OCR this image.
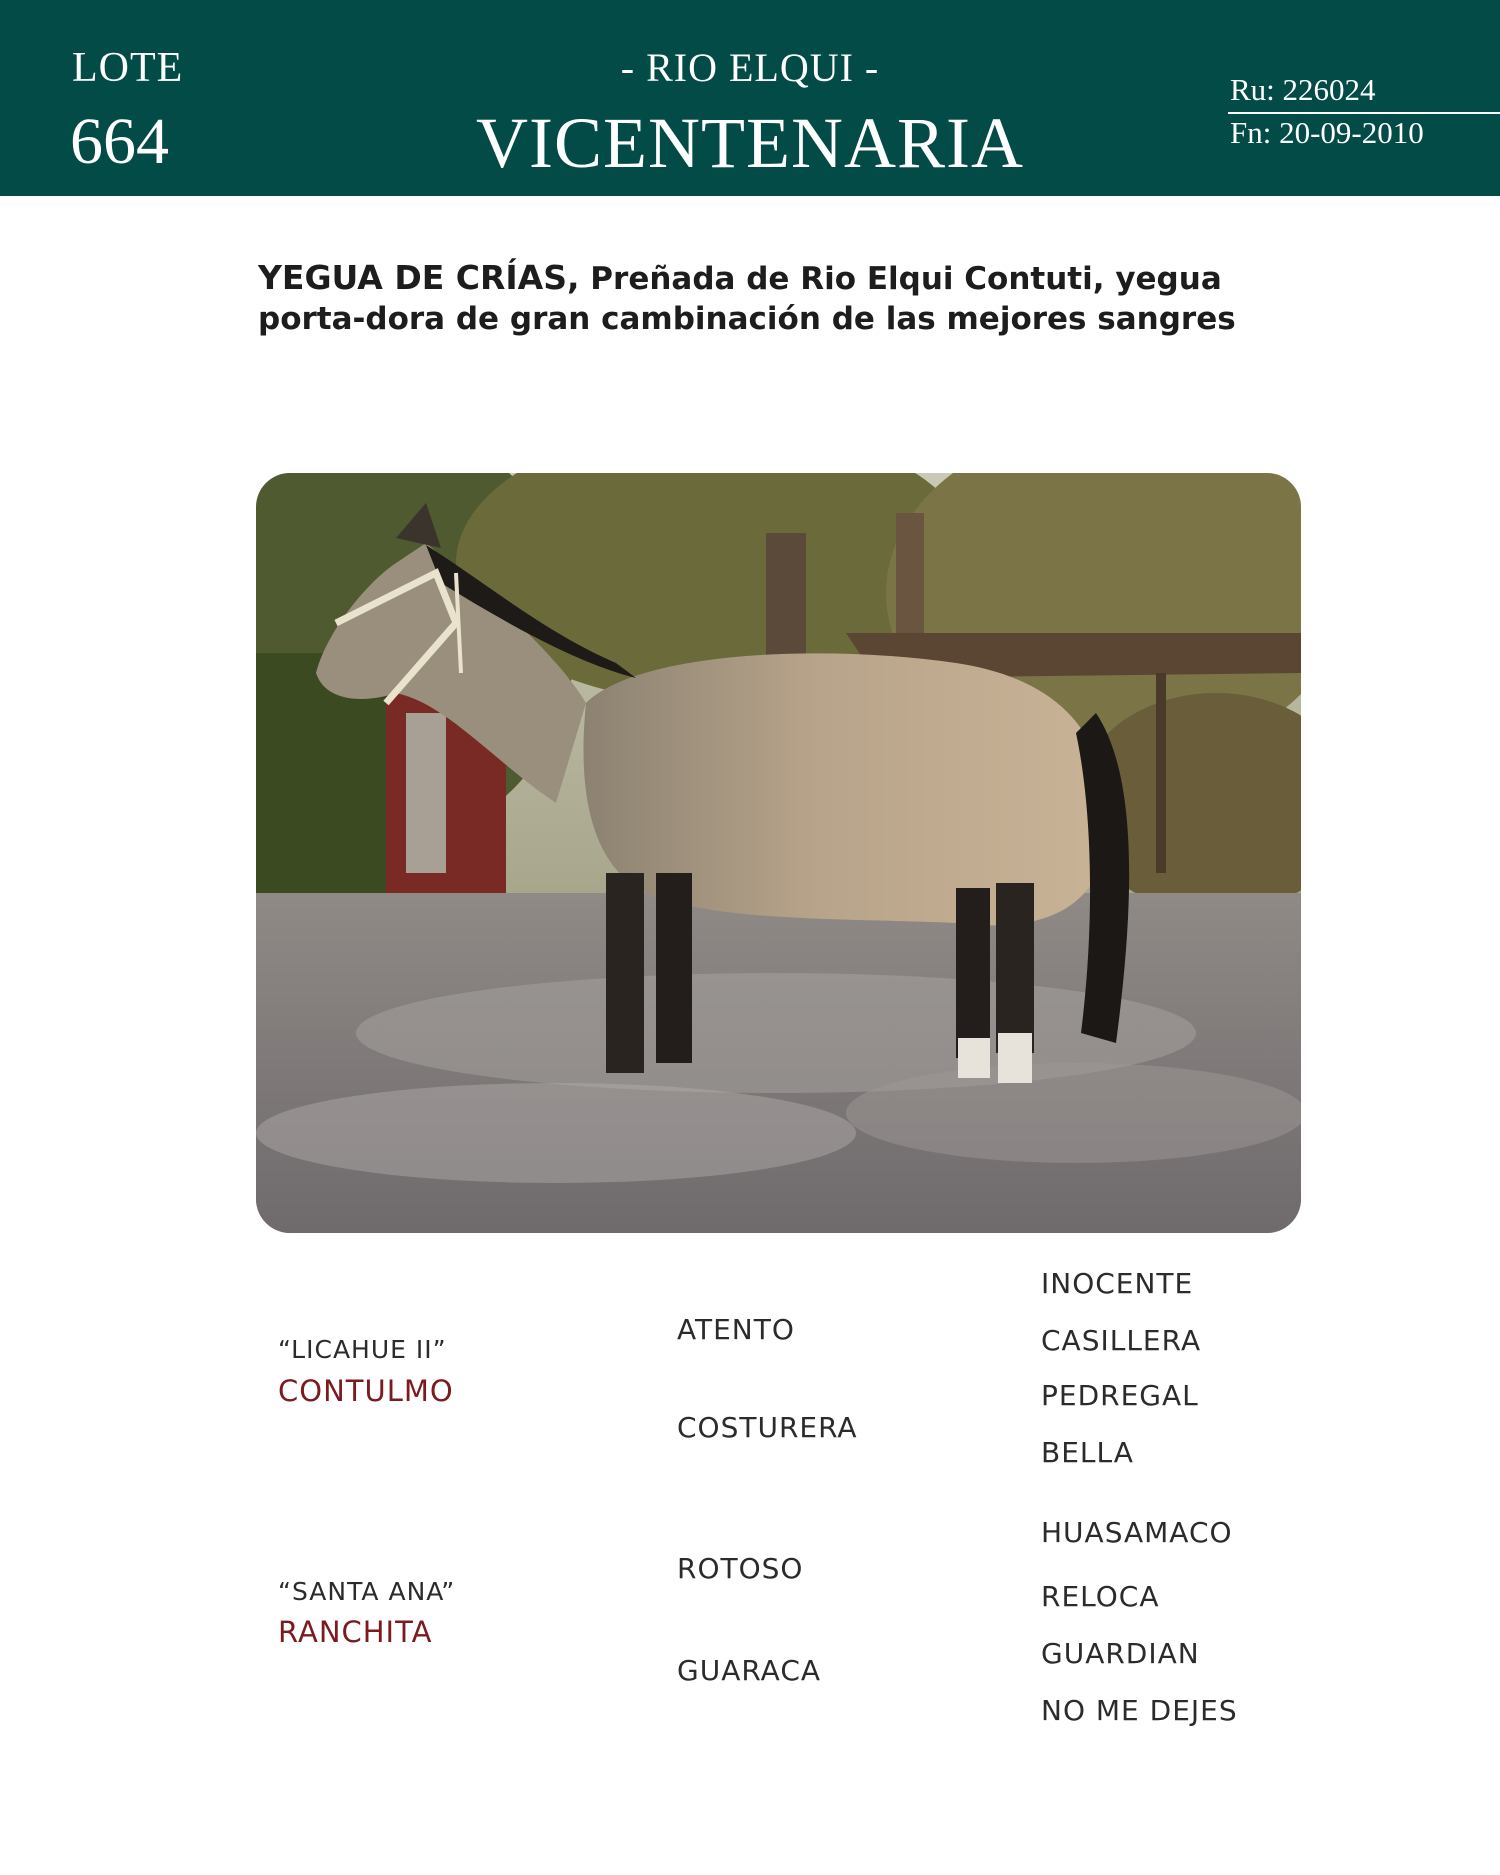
LOTE
664
- RIO ELQUI -
VICENTENARIA
Ru: 226024
Fn: 20-09-2010

YEGUA DE CRÍAS, Preñada de Rio Elqui Contuti, yegua porta-dora de gran cambinación de las mejores sangres

“LICAHUE II”
CONTULMO
ATENTO
COSTURERA
INOCENTE
CASILLERA
PEDREGAL
BELLA
“SANTA ANA”
RANCHITA
ROTOSO
GUARACA
HUASAMACO
RELOCA
GUARDIAN
NO ME DEJES
